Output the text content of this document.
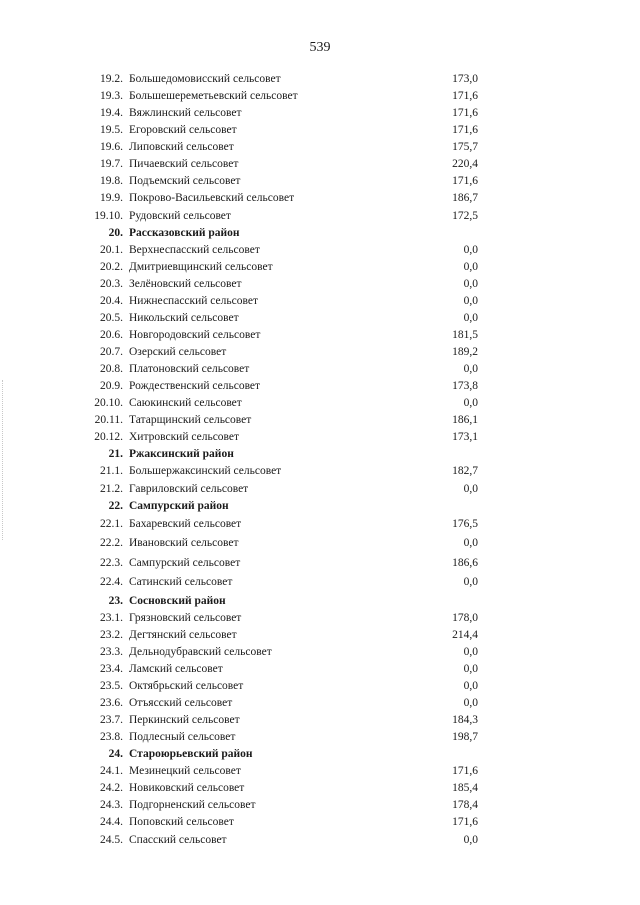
539
19.2. Большедомовисский сельсовет	173,0
19.3. Большешереметьевский сельсовет	171,6
19.4. Вяжлинский сельсовет	171,6
19.5. Егоровский сельсовет	171,6
19.6. Липовский сельсовет	175,7
19.7. Пичаевский сельсовет	220,4
19.8. Подъемский сельсовет	171,6
19.9. Покрово-Васильевский сельсовет	186,7
19.10. Рудовский сельсовет	172,5
20. Рассказовский район
20.1. Верхнеспасский сельсовет	0,0
20.2. Дмитриевщинский сельсовет	0,0
20.3. Зелёновский сельсовет	0,0
20.4. Нижнеспасский сельсовет	0,0
20.5. Никольский сельсовет	0,0
20.6. Новгородовский сельсовет	181,5
20.7. Озерский сельсовет	189,2
20.8. Платоновский сельсовет	0,0
20.9. Рождественский сельсовет	173,8
20.10. Саюкинский сельсовет	0,0
20.11. Татарщинский сельсовет	186,1
20.12. Хитровский сельсовет	173,1
21. Ржаксинский район
21.1. Большержаксинский сельсовет	182,7
21.2. Гавриловский сельсовет	0,0
22. Сампурский район
22.1. Бахаревский сельсовет	176,5
22.2. Ивановский сельсовет	0,0
22.3. Сампурский сельсовет	186,6
22.4. Сатинский сельсовет	0,0
23. Сосновский район
23.1. Грязновский сельсовет	178,0
23.2. Дегтянский сельсовет	214,4
23.3. Дельнодубравский сельсовет	0,0
23.4. Ламский сельсовет	0,0
23.5. Октябрьский сельсовет	0,0
23.6. Отъясский сельсовет	0,0
23.7. Перкинский сельсовет	184,3
23.8. Подлесный сельсовет	198,7
24. Староюрьевский район
24.1. Мезинецкий сельсовет	171,6
24.2. Новиковский сельсовет	185,4
24.3. Подгорненский сельсовет	178,4
24.4. Поповский сельсовет	171,6
24.5. Спасский сельсовет	0,0
